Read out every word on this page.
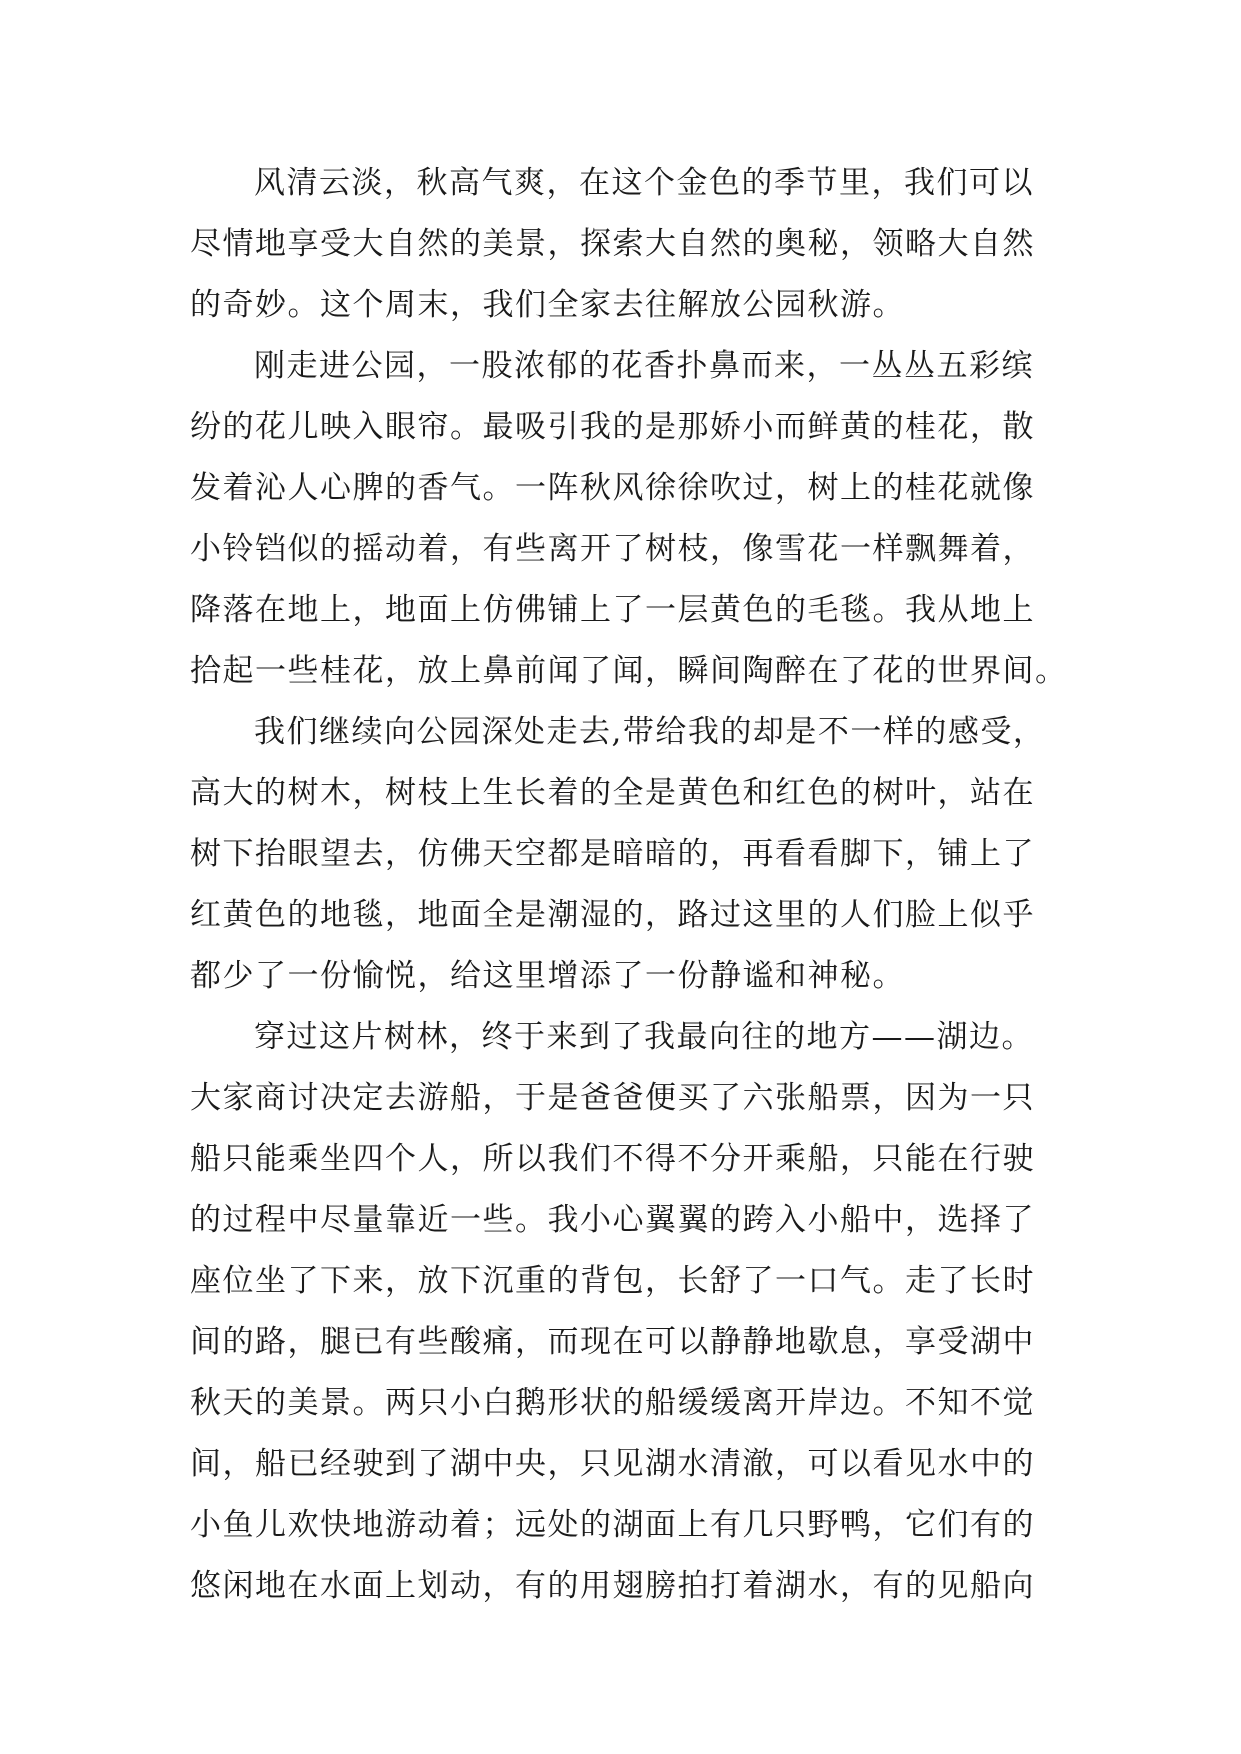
风清云淡，秋高气爽，在这个金色的季节里，我们可以
尽情地享受大自然的美景，探索大自然的奥秘，领略大自然
的奇妙。这个周末，我们全家去往解放公园秋游。
刚走进公园，一股浓郁的花香扑鼻而来，一丛丛五彩缤
纷的花儿映入眼帘。最吸引我的是那娇小而鲜黄的桂花，散
发着沁人心脾的香气。一阵秋风徐徐吹过，树上的桂花就像
小铃铛似的摇动着，有些离开了树枝，像雪花一样飘舞着，
降落在地上，地面上仿佛铺上了一层黄色的毛毯。我从地上
拾起一些桂花，放上鼻前闻了闻，瞬间陶醉在了花的世界间。
我们继续向公园深处走去,带给我的却是不一样的感受，
高大的树木，树枝上生长着的全是黄色和红色的树叶，站在
树下抬眼望去，仿佛天空都是暗暗的，再看看脚下，铺上了
红黄色的地毯，地面全是潮湿的，路过这里的人们脸上似乎
都少了一份愉悦，给这里增添了一份静谧和神秘。
穿过这片树林，终于来到了我最向往的地方——湖边。
大家商讨决定去游船，于是爸爸便买了六张船票，因为一只
船只能乘坐四个人，所以我们不得不分开乘船，只能在行驶
的过程中尽量靠近一些。我小心翼翼的跨入小船中，选择了
座位坐了下来，放下沉重的背包，长舒了一口气。走了长时
间的路，腿已有些酸痛，而现在可以静静地歇息，享受湖中
秋天的美景。两只小白鹅形状的船缓缓离开岸边。不知不觉
间，船已经驶到了湖中央，只见湖水清澈，可以看见水中的
小鱼儿欢快地游动着；远处的湖面上有几只野鸭，它们有的
悠闲地在水面上划动，有的用翅膀拍打着湖水，有的见船向
